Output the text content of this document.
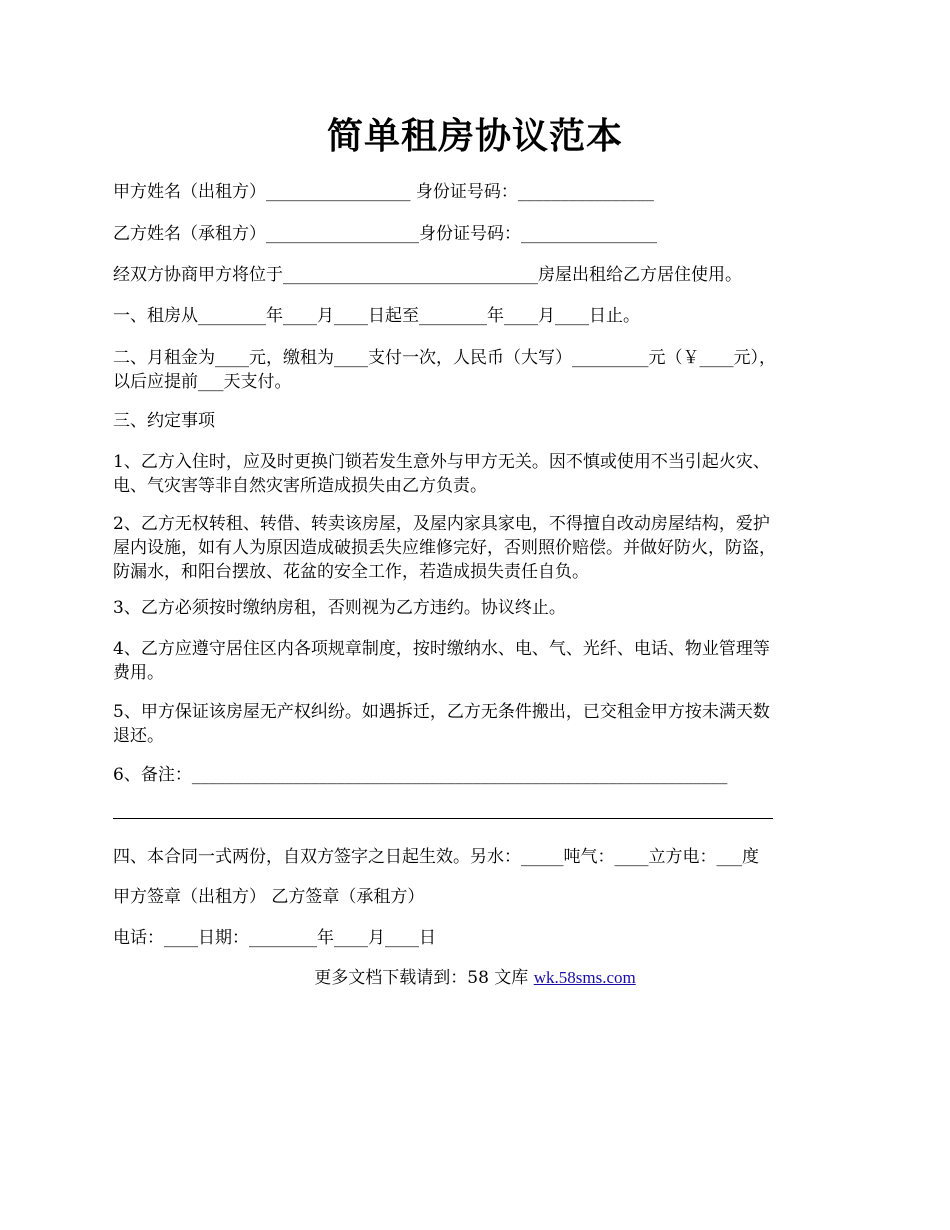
简单租房协议范本
甲方姓名（出租方）_________________ 身份证号码：________________
乙方姓名（承租方）__________________身份证号码：________________
经双方协商甲方将位于______________________________房屋出租给乙方居住使用。
一、租房从________年____月____日起至________年____月____日止。
二、月租金为____元，缴租为____支付一次，人民币（大写）_________元（￥____元），
以后应提前___天支付。
三、约定事项
1、乙方入住时，应及时更换门锁若发生意外与甲方无关。因不慎或使用不当引起火灾、
电、气灾害等非自然灾害所造成损失由乙方负责。
2、乙方无权转租、转借、转卖该房屋，及屋内家具家电，不得擅自改动房屋结构，爱护
屋内设施，如有人为原因造成破损丢失应维修完好，否则照价赔偿。并做好防火，防盗，
防漏水，和阳台摆放、花盆的安全工作，若造成损失责任自负。
3、乙方必须按时缴纳房租，否则视为乙方违约。协议终止。
4、乙方应遵守居住区内各项规章制度，按时缴纳水、电、气、光纤、电话、物业管理等
费用。
5、甲方保证该房屋无产权纠纷。如遇拆迁，乙方无条件搬出，已交租金甲方按未满天数
退还。
6、备注：_______________________________________________________________
四、本合同一式两份，自双方签字之日起生效。另水：_____吨气：____立方电：___度
甲方签章（出租方） 乙方签章（承租方）
电话：____日期：________年____月____日
更多文档下载请到：58 文库 wk.58sms.com
